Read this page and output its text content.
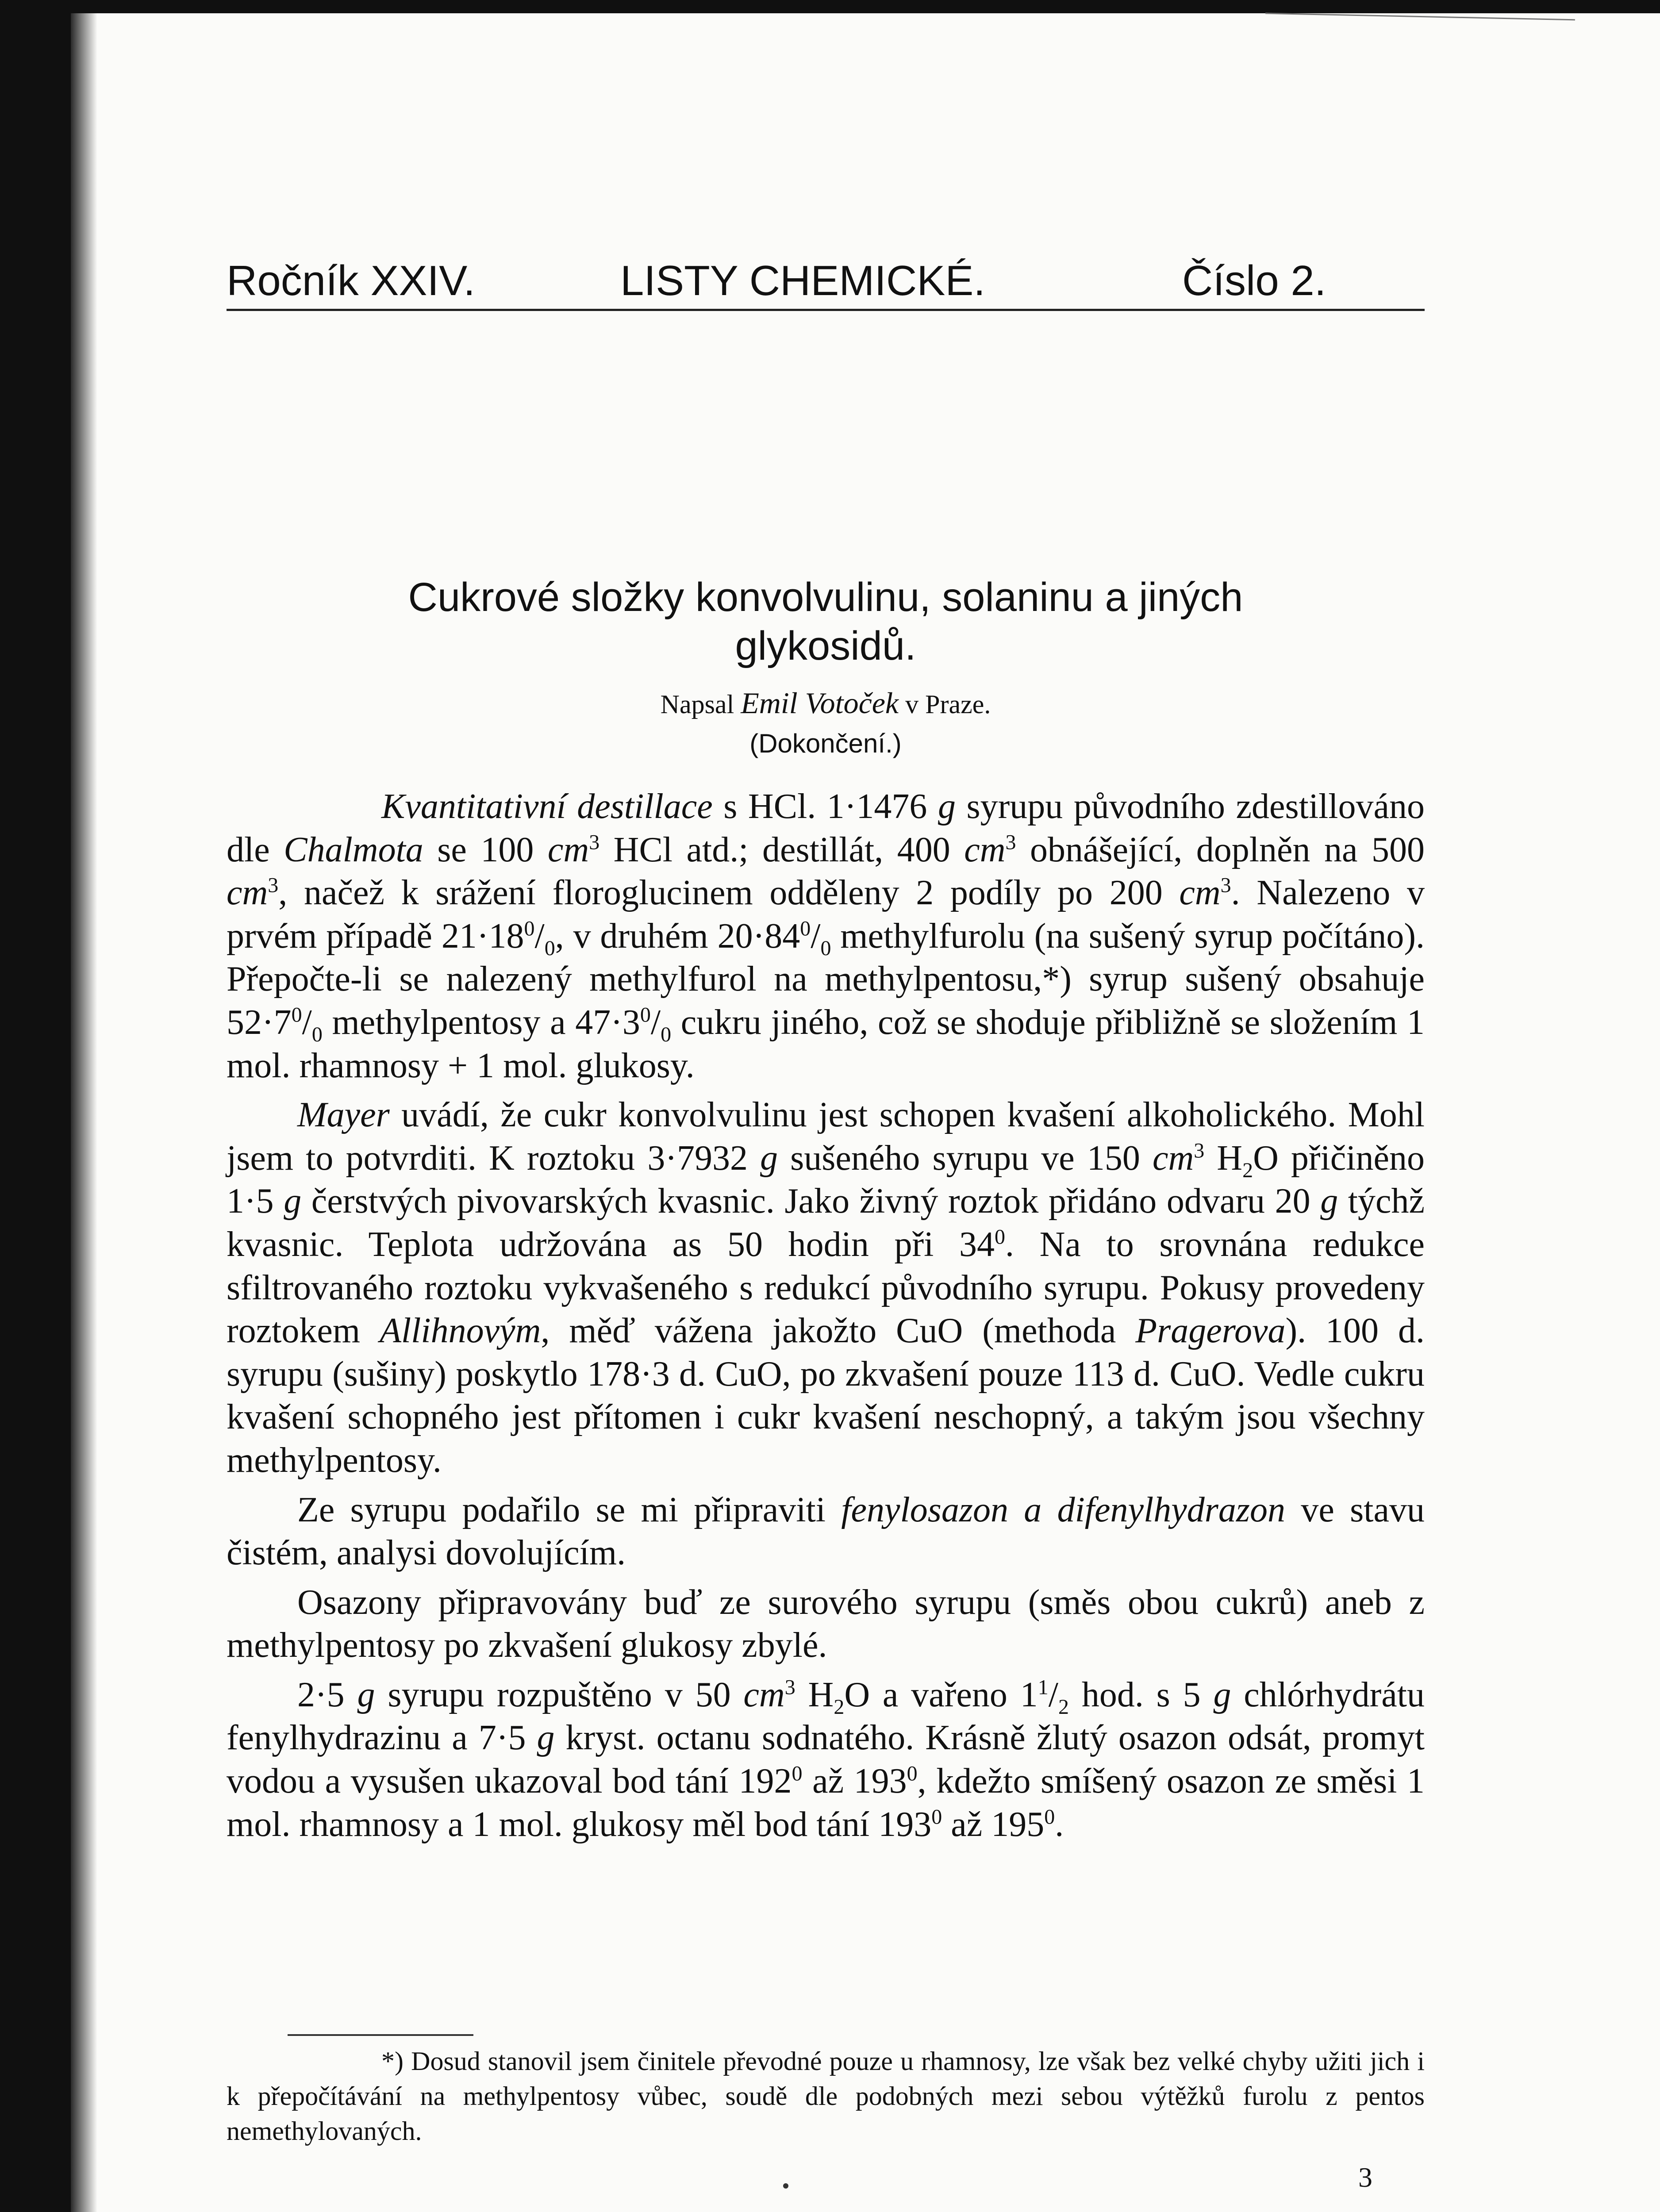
Ročník XXIV.	LISTY CHEMICKÉ.	Číslo 2.
Cukrové složky konvolvulinu, solaninu a jiných
glykosidů.
Napsal Emil Votoček v Praze.
(Dokončení.)

Kvantitativní destillace s HCl. 1·1476 g syrupu původního zdestillováno dle Chalmota se 100 $cm^3$ HCl atd.; destillát, 400 $cm^3$ obnášející, doplněn na 500 $cm^3$, načež k srážení floroglucinem odděleny 2 podíly po 200 $cm^3$. Nalezeno v prvém případě $21\cdot 18^0/_0$, v druhém $20\cdot 84^0/_0$ methylfurolu (na sušený syrup počítáno). Přepočte-li se nalezený methylfurol na methylpentosu,*) syrup sušený obsahuje $52\cdot 7^0/_0$ methylpentosy a $47\cdot 3^0/_0$ cukru jiného, což se shoduje přibližně se složením 1 mol. rhamnosy + 1 mol. glukosy.

Mayer uvádí, že cukr konvolvulinu jest schopen kvašení alkoholického. Mohl jsem to potvrditi. K roztoku 3·7932 g sušeného syrupu ve 150 $cm^3$ $H_2O$ přičiněno 1·5 g čerstvých pivovarských kvasnic. Jako živný roztok přidáno odvaru 20 g týchž kvasnic. Teplota udržována as 50 hodin při $34^0$. Na to srovnána redukce sfiltrovaného roztoku vykvašeného s redukcí původního syrupu. Pokusy provedeny roztokem Allihnovým, měď vážena jakožto CuO (methoda Pragerova). 100 d. syrupu (sušiny) poskytlo 178·3 d. CuO, po zkvašení pouze 113 d. CuO. Vedle cukru kvašení schopného jest přítomen i cukr kvašení neschopný, a takým jsou všechny methylpentosy.

Ze syrupu podařilo se mi připraviti fenylosazon a difenylhydrazon ve stavu čistém, analysi dovolujícím.

Osazony připravovány buď ze surového syrupu (směs obou cukrů) aneb z methylpentosy po zkvašení glukosy zbylé.

2·5 g syrupu rozpuštěno v 50 $cm^3$ $H_2O$ a vařeno $1^1/_2$ hod. s 5 g chlórhydrátu fenylhydrazinu a 7·5 g kryst. octanu sodnatého. Krásně žlutý osazon odsát, promyt vodou a vysušen ukazoval bod tání $192^0$ až $193^0$, kdežto smíšený osazon ze směsi 1 mol. rhamnosy a 1 mol. glukosy měl bod tání $193^0$ až $195^0$.

*) Dosud stanovil jsem činitele převodné pouze u rhamnosy, lze však bez velké chyby užiti jich i k přepočítávání na methylpentosy vůbec, soudě dle podobných mezi sebou výtěžků furolu z pentos nemethylovaných.
3
